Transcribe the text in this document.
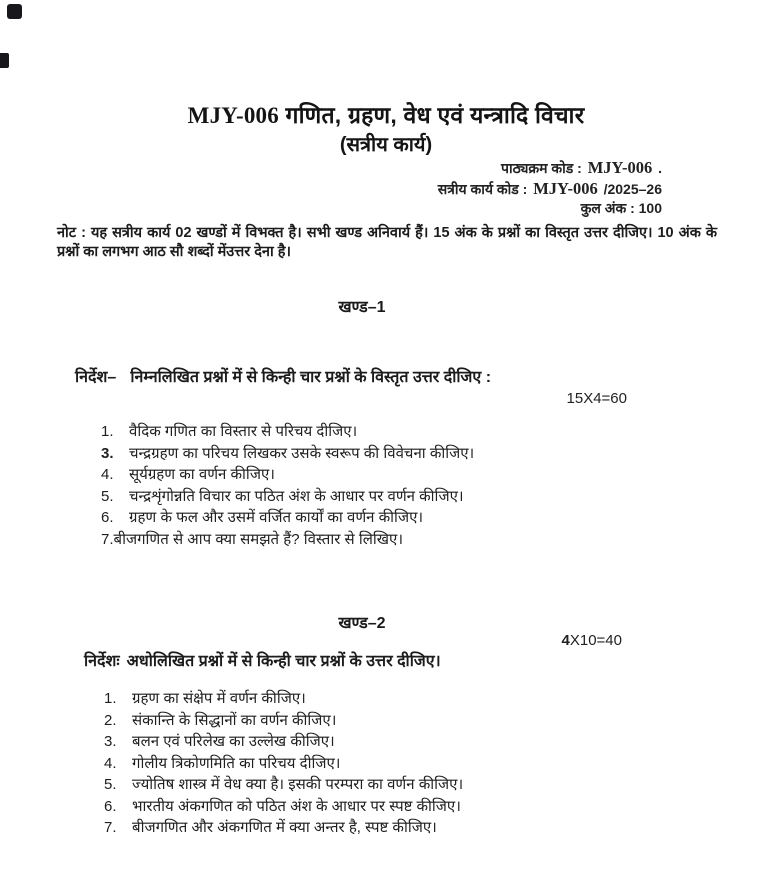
MJY-006 गणित, ग्रहण, वेध एवं यन्त्रादि विचार
(सत्रीय कार्य)
पाठ्यक्रम कोड : MJY-006 .
सत्रीय कार्य कोड : MJY-006 /2025–26
कुल अंक : 100
नोट : यह सत्रीय कार्य 02 खण्डों में विभक्त है। सभी खण्ड अनिवार्य हैं। 15 अंक के प्रश्नों का विस्तृत उत्तर दीजिए। 10 अंक के प्रश्नों का लगभग आठ सौ शब्दों मेंउत्तर देना है।
खण्ड–1
निर्देश– निम्नलिखित प्रश्नों में से किन्ही चार प्रश्नों के विस्तृत उत्तर दीजिए :
15X4=60
1.	वैदिक गणित का विस्तार से परिचय दीजिए।
3.	चन्द्रग्रहण का परिचय लिखकर उसके स्वरूप की विवेचना कीजिए।
4.	सूर्यग्रहण का वर्णन कीजिए।
5.	चन्द्रशृंगोन्नति विचार का पठित अंश के आधार पर वर्णन कीजिए।
6.	ग्रहण के फल और उसमें वर्जित कार्यों का वर्णन कीजिए।
7. बीजगणित से आप क्या समझते हैं? विस्तार से लिखिए।
खण्ड–2
4X10=40
निर्देशः अधोलिखित प्रश्नों में से किन्ही चार प्रश्नों के उत्तर दीजिए।
1.	ग्रहण का संक्षेप में वर्णन कीजिए।
2.	संकान्ति के सिद्धानों का वर्णन कीजिए।
3.	बलन एवं परिलेख का उल्लेख कीजिए।
4.	गोलीय त्रिकोणमिति का परिचय दीजिए।
5.	ज्योतिष शास्त्र में वेध क्या है। इसकी परम्परा का वर्णन कीजिए।
6.	भारतीय अंकगणित को पठित अंश के आधार पर स्पष्ट कीजिए।
7.	बीजगणित और अंकगणित में क्या अन्तर है, स्पष्ट कीजिए।
